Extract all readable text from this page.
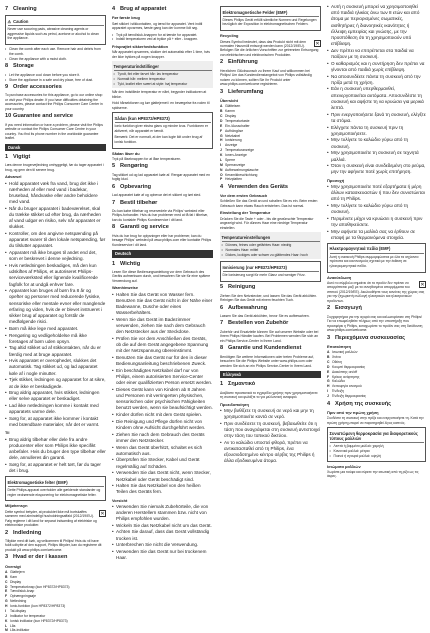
7 Cleaning
⚠ Caution

Never use scouring pads, abrasive cleaning agents or aggressive liquids such as petrol, acetone or alcohol to clean the appliance.

• Clean the comb after each use. Remove hair and debris from the comb.
• Clean the appliance with a moist cloth.
8 Storage
• Let the appliance cool down before you store it.
• Store the appliance in a safe and dry place, free of dust.
9 Order accessories

To purchase accessories for this appliance, go to our online shop or visit your Philips dealer. If you have difficulties obtaining the accessories, please contact the Philips Consumer Care Center in your country.

10 Guarantee and service

If you need information or have a problem, please visit the Philips website or contact the Philips Consumer Care Centre in your country. You find its phone number in the worldwide guarantee leaflet.

Dansk
1 Vigtigt

Læs denne brugervejledning omhyggeligt, før du tager apparatet i brug, og gem den til senere brug.

Advarsel
• Hold apparatet væk fra vand, brug det ikke i nærheden af eller med vand i badekar, brusebad, håndvaske eller andre beholdere med vand.
• Når du bruger apparatet i badeværelset, skal du trække stikket ud efter brug, da nærheden af vand udgør en risiko, selv når apparatet er slukket.
• Kontroller, om den angivne netspænding på apparatet svarer til den lokale netspænding, før du tilslutter apparatet.
• Apparatet må ikke bruges til andet end det, som er beskrevet i denne vejledning.
• Hvis netledningen beskadiges, må den kun udskiftes af Philips, et autoriseret Philips-serviceværksted eller lignende kvalificerede fagfolk for at undgå enhver fare.
• Apparatet kan bruges af børn fra 8 år og opefter og personer med reducerede fysiske, sensoriske eller mentale evner eller manglende erfaring og viden, hvis de er blevet instrueret i sikker brug af apparatet og forstår de medfølgende risici.
• Børn må ikke lege med apparatet.
• Rengøring og vedligeholdelse må ikke foretages af børn uden opsyn.
• Tag altid stikket ud af stikkontakten, når du er færdig med at bruge apparatet.
• Hvis apparatet er overophedet, slukkes det automatisk. Tag stikket ud, og lad apparatet køle af i nogle minutter.
• Tjek stikket, ledningen og apparatet for at sikre, at de ikke er beskadigede.
• Brug aldrig apparatet, hvis stikket, ledningen eller selve apparatet er beskadiget.
• Lad ikke netledningen komme i kontakt med apparatets varme dele.
• Sørg for, at apparatet ikke kommer i kontakt med brændbare materialer, når det er varmt.
Til
• Brug aldrig tilbehør eller dele fra andre producenter eller som Philips ikke specifikt anbefaler. Hvis du bruger den type tilbehør eller dele, annulleres din garanti.
• Sørg for, at apparatet er helt tørt, før du tager det i brug.
Elektromagnetiske felter (EMF)

Dette Philips-apparat overholder alle gældende standarder og regler vedrørende eksponering for elektromagnetiske felter.

Miljøhensyn

✕
Dette symbol betyder, at produktet ikke må bortskaffes sammen med almindeligt husholdningsaffald (2012/19/EU). Følg reglerne i dit land for separat indsamling af elektriske og elektroniske produkter.

2 Indledning

Tillykke med dit køb, og velkommen til Philips! Hvis du vil have fuldt udbytte af den support, Philips tilbyder, kan du registrere dit produkt på www.philips.com/welcome.

3 Hvad er der i kassen
Oversigt
A Glattejern
B Kam
C Display
D Temperaturknap (kun HP8372/HP8373)
E Tænd/sluk-knap
F Ophængningsøje
G Netledning
H Ionic-funktion (kun HP8372/HP8373)
I Tal-display
J Indikator for temperatur
K Ionisk indikator (kun HP8372/HP8373)
L Lås
M Lås-indikator
4 Brug af apparatet
Før første brug

Sæt stikket i stikkontakten, og tænd for apparatet. Vent indtil apparatet opvarmes, første gang kan der komme lidt røg.

• Tryk på tænd/sluk-knappen for at tænde for apparatet.
• Indstil temperaturen ved at trykke på + eller - knappen.
Frisprøjtet sikkerhedsfunktion

Når apparatet opvarmes, slukker det automatisk efter 1 time, hvis der ikke trykkes på nogen knapper.

Temperaturindstillinger
• Tyndt, fint eller farvet hår: lav temperatur
• Normalt hår: mellem temperatur
• Tykt, krøllet eller svært at style: høj temperatur

Når den indstillede temperatur er nået, begynder indikatoren at blinke.

Hold hårsektionen og kør glattejernet i en bevægelse fra roden til spidserne.

Sådan (kun HP8372/HP8373)

Ionic funktion giver ekstra glans og mindre krus. Funktionen er aktiveret, når apparatet er tændt.

Bemærk: Det er normalt, at der kan lugte lidt under brug af ionisk funktion.

Sådan låser du

Tryk på låseknappen for at låse temperaturen.

5 Rengøring

Tag stikket ud og lad apparatet køle af. Rengør apparatet med en fugtig klud.

6 Opbevaring

Lad apparatet køle af og opbevar det et sikkert og tørt sted.

7 Bestil tilbehør

Du kan købe tilbehør og reservedele via Philips' websted eller Philips-forhandler. Hvis du har problemer med at få fat i tilbehør, kan du kontakte Philips Kundeservice i dit land.

8 Garanti og service

Hvis du har brug for oplysninger eller har problemer, kan du besøge Philips' websted på www.philips.com eller kontakte Philips Kundeservice i dit land.

Deutsch
1 Wichtig

Lesen Sie diese Bedienungsanleitung vor dem Gebrauch des Geräts aufmerksam durch, und bewahren Sie sie für eine spätere Verwendung auf.

Warnhinweise
• Halten Sie das Gerät von Wasser fern. Benutzen Sie das Gerät nicht in der Nähe einer Badewanne, Dusche oder eines Wasserbehälters.
• Wenn Sie das Gerät im Badezimmer verwenden, ziehen Sie nach dem Gebrauch den Netzstecker aus der Steckdose.
• Prüfen Sie vor dem Anschließen des Geräts, ob die auf dem Gerät angegebene Spannung mit der Netzspannung übereinstimmt.
• Benutzen Sie das Gerät nur für den in dieser Bedienungsanleitung beschriebenen Zweck.
• Ein beschädigtes Netzkabel darf nur von Philips, einem autorisierten Service-Center oder einer qualifizierten Person ersetzt werden.
• Dieses Gerät kann von Kindern ab 8 Jahren und Personen mit verringerten physischen, sensorischen oder psychischen Fähigkeiten benutzt werden, wenn sie beaufsichtigt werden.
• Kinder dürfen nicht mit dem Gerät spielen.
• Die Reinigung und Pflege dürfen nicht von Kindern ohne Aufsicht durchgeführt werden.
• Ziehen Sie nach dem Gebrauch des Geräts immer den Netzstecker.
• Wenn das Gerät überhitzt, schaltet es sich automatisch aus.
• Überprüfen Sie Stecker, Kabel und Gerät regelmäßig auf Schäden.
• Verwenden Sie das Gerät nicht, wenn Stecker, Netzkabel oder Gerät beschädigt sind.
• Halten Sie das Netzkabel von den heißen Teilen des Geräts fern.
Vorsicht
• Verwenden Sie niemals Zubehörteile, die von anderen Herstellern stammen bzw. nicht von Philips empfohlen wurden.
• Wickeln Sie das Netzkabel nicht um das Gerät.
• Achten Sie darauf, dass das Gerät vollständig trocken ist.
• Unterbrechen Sie nicht die Verwendung.
• Verwenden Sie das Gerät nur bei trockenem Haar.
Elektromagnetische Felder (EMF)

Dieses Philips Gerät erfüllt sämtliche Normen und Regelungen bezüglich der Exposition in elektromagnetischen Feldern.

Recycling

✕
Dieses Symbol bedeutet, dass das Produkt nicht mit dem normalen Hausmüll entsorgt werden kann (2012/19/EU). Befolgen Sie die örtlichen Vorschriften zur getrennten Entsorgung von elektrischen und elektronischen Produkten.

2 Einführung

Herzlichen Glückwunsch zu Ihrem Kauf und willkommen bei Philips! Um das Kundendienstangebot von Philips vollständig nutzen zu können, sollten Sie Ihr Produkt unter www.philips.com/welcome registrieren.

3 Lieferumfang
Übersicht
A Glätteisen
B Kamm
C Display
D Temperaturtaste
E Ein-/Ausschalter
F Aufhängöse
G Netzkabel
H Ionisierung
I Anzeige
J Temperaturanzeige
K Ionen-Anzeige
L Sperre
M Sperranzeige
N Aufbewahrungstasche
O Keramikbeschichtung
P Heizplatten
4 Verwenden des Geräts
Vor dem ersten Gebrauch

Schließen Sie das Gerät an und schalten Sie es ein. Beim ersten Gebrauch kann etwas Rauch entstehen. Das ist normal.

Einstellung der Temperatur

Drücken Sie die Taste + oder - bis die gewünschte Temperatur angezeigt wird. Für dünnes Haar eine niedrige Temperatur einstellen.

Temperatureinstellungen
• Dünnes, feines oder gefärbtes Haar: niedrig
• Normales Haar: mittel
• Dickes, lockiges oder schwer zu glättendes Haar: hoch
Ionisierung (nur HP8372/HP8373)

Die Ionisierung sorgt für mehr Glanz und weniger Frizz.

5 Reinigung

Ziehen Sie den Netzstecker, und lassen Sie das Gerät abkühlen. Reinigen Sie das Gerät mit einem feuchten Tuch.

6 Aufbewahrung

Lassen Sie das Gerät abkühlen, bevor Sie es aufbewahren.

7 Bestellen von Zubehör

Zubehör und Ersatzteile können Sie auf unserer Website oder bei Ihrem Philips Händler kaufen. Bei Problemen wenden Sie sich an ein Philips Service-Center in Ihrem Land.

8 Garantie und Kundendienst

Benötigen Sie weitere Informationen oder treten Probleme auf, besuchen Sie die Philips Website unter www.philips.com oder wenden Sie sich an ein Philips Service-Center in Ihrem Land.

Ελληνικά
1 Σημαντικό

Διαβάστε προσεκτικά το εγχειρίδιο χρήσης πριν χρησιμοποιήσετε τη συσκευή και φυλάξτε το για μελλοντική αναφορά.

Προειδοποίηση
• Μην βυθίζετε τη συσκευή σε νερό και μην τη χρησιμοποιείτε κοντά σε νερό.
• Πριν συνδέσετε τη συσκευή, βεβαιωθείτε ότι η τάση που αναγράφεται στη συσκευή αντιστοιχεί στην τάση του τοπικού δικτύου.
• Αν το καλώδιο υποστεί φθορά, πρέπει να αντικατασταθεί από τη Philips, ένα εξουσιοδοτημένο κέντρο σέρβις της Philips ή άλλα εξειδικευμένα άτομα.
• Αυτή η συσκευή μπορεί να χρησιμοποιηθεί από παιδιά ηλικίας άνω των 8 ετών και από άτομα με περιορισμένες σωματικές, αισθητήριες ή διανοητικές ικανότητες ή έλλειψη εμπειρίας και γνώσης, με την προϋπόθεση ότι τη χρησιμοποιούν υπό επίβλεψη.
• Δεν πρέπει να επιτρέπεται στα παιδιά να παίζουν με τη συσκευή.
• Ο καθαρισμός και η συντήρηση δεν πρέπει να γίνονται από παιδιά χωρίς επίβλεψη.
• Να αποσυνδέετε πάντα τη συσκευή από την πρίζα μετά τη χρήση.
• Εάν η συσκευή υπερθερμανθεί, απενεργοποιείται αυτόματα. Αποσυνδέστε τη συσκευή και αφήστε τη να κρυώσει για μερικά λεπτά.
• Πριν ενεργοποιήσετε ξανά τη συσκευή, ελέγξτε τα στόμια.
• Ελέγχετε πάντα τη συσκευή πριν τη χρησιμοποιήσετε.
• Μην τυλίγετε το καλώδιο γύρω από τη συσκευή.
• Μην χρησιμοποιείτε τη συσκευή σε τεχνητά μαλλιά.
• Όταν η συσκευή είναι συνδεδεμένη στο ρεύμα, μην την αφήνετε ποτέ χωρίς επιτήρηση.
Προσοχή
• Μην χρησιμοποιείτε ποτέ εξαρτήματα ή μέρη άλλων κατασκευαστών ή που δεν συνιστώνται από τη Philips.
• Μην τυλίγετε το καλώδιο γύρω από τη συσκευή.
• Περιμένετε μέχρι να κρυώσει η συσκευή πριν την αποθηκεύσετε.
• Μην αφήνετε τα μαλλιά σας να έρθουν σε επαφή με τα θερμαινόμενα στοιχεία.
Ηλεκτρομαγνητικά πεδία (EMF)

Αυτή η συσκευή Philips συμμορφώνεται με όλα τα ισχύοντα πρότυπα και κανονισμούς σχετικά με την έκθεση σε ηλεκτρομαγνητικά πεδία.

Ανακύκλωση

✕
Αυτό το σύμβολο σημαίνει ότι το προϊόν δεν πρέπει να απορρίπτεται μαζί με τα συνηθισμένα απορρίμματα του σπιτιού (2012/19/ΕΕ). Ακολουθήστε τους κανόνες της χώρας σας για την ξεχωριστή συλλογή ηλεκτρικών και ηλεκτρονικών προϊόντων.

2 Εισαγωγή

Συγχαρητήρια για την αγορά σας και καλωσορίσατε στη Philips! Για να επωφεληθείτε πλήρως από την υποστήριξη που προσφέρει η Philips, καταχωρίστε το προϊόν σας στη διεύθυνση www.philips.com/welcome.

3 Περιεχόμενα συσκευασίας
Επισκόπηση
A Ισιωτική μαλλιών
B Χτένα
C Οθόνη
D Κουμπί θερμοκρασίας
E Διακόπτης on/off
F Κρίκος ανάρτησης
G Καλώδιο
H Λειτουργία ιονισμού
I Ένδειξη
J Ένδειξη θερμοκρασίας
4 Χρήση της συσκευής
Πριν από την πρώτη χρήση

Συνδέστε τη συσκευή στην πρίζα και ενεργοποιήστε τη. Κατά την πρώτη χρήση μπορεί να παρατηρηθεί λίγος καπνός.

Συνιστώμενη θερμοκρασία για διαφορετικούς τύπους μαλλιών
• Λεπτά ή βαμμένα μαλλιά: χαμηλή
• Κανονικά μαλλιά: μέτρια
• Πυκνά ή σγουρά μαλλιά: υψηλή
Ισιώματα μαλλιών

Χωρίστε μια τούφα και σύρετε την ισιωτική από τη ρίζα ως τις άκρες.
